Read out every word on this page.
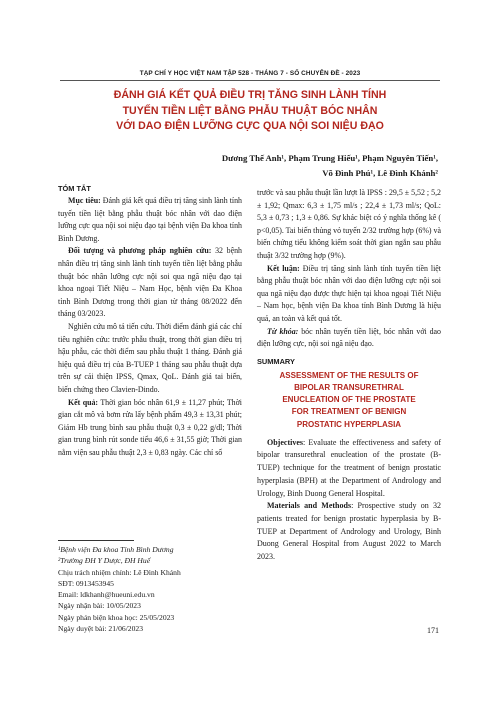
TẠP CHÍ Y HỌC VIỆT NAM TẬP 528 - THÁNG 7 - SỐ CHUYÊN ĐỀ - 2023
ĐÁNH GIÁ KẾT QUẢ ĐIỀU TRỊ TĂNG SINH LÀNH TÍNH
TUYẾN TIỀN LIỆT BẰNG PHẪU THUẬT BÓC NHÂN
VỚI DAO ĐIỆN LƯỠNG CỰC QUA NỘI SOI NIỆU ĐẠO
Dương Thế Anh¹, Phạm Trung Hiếu¹, Phạm Nguyên Tiến¹,
Võ Đình Phú¹, Lê Đình Khánh²
TÓM TẮT

Mục tiêu: Đánh giá kết quả điều trị tăng sinh lành tính tuyến tiền liệt bằng phẫu thuật bóc nhân với dao điện lưỡng cực qua nội soi niệu đạo tại bệnh viện Đa khoa tỉnh Bình Dương.

Đối tượng và phương pháp nghiên cứu: 32 bệnh nhân điều trị tăng sinh lành tính tuyến tiền liệt bằng phẫu thuật bóc nhân lưỡng cực nội soi qua ngã niệu đạo tại khoa ngoại Tiết Niệu – Nam Học, bệnh viện Đa Khoa tỉnh Bình Dương trong thời gian từ tháng 08/2022 đến tháng 03/2023.

Nghiên cứu mô tả tiến cứu. Thời điểm đánh giá các chỉ tiêu nghiên cứu: trước phẫu thuật, trong thời gian điều trị hậu phẫu, các thời điểm sau phẫu thuật 1 tháng. Đánh giá hiệu quả điều trị của B-TUEP 1 tháng sau phẫu thuật dựa trên sự cải thiện IPSS, Qmax, QoL. Đánh giá tai biến, biến chứng theo Clavien-Dindo.

Kết quả: Thời gian bóc nhân 61,9 ± 11,27 phút; Thời gian cắt mô và bơm rửa lấy bệnh phẩm 49,3 ± 13,31 phút; Giảm Hb trung bình sau phẫu thuật 0,3 ± 0,22 g/dl; Thời gian trung bình rút sonde tiểu 46,6 ± 31,55 giờ; Thời gian nằm viện sau phẫu thuật 2,3 ± 0,83 ngày. Các chỉ số

¹Bệnh viện Đa khoa Tỉnh Bình Dương

²Trường ĐH Y Dược, ĐH Huế

Chịu trách nhiệm chính: Lê Đình Khánh

SĐT: 0913453945

Email: ldkhanh@hueuni.edu.vn

Ngày nhận bài: 10/05/2023

Ngày phản biện khoa học: 25/05/2023

Ngày duyệt bài: 21/06/2023

trước và sau phẫu thuật lần lượt là IPSS : 29,5 ± 5,52 ; 5,2 ± 1,92; Qmax: 6,3 ± 1,75 ml/s ; 22,4 ± 1,73 ml/s; QoL: 5,3 ± 0,73 ; 1,3 ± 0,86. Sự khác biệt có ý nghĩa thống kê ( p<0,05). Tai biến thủng vỏ tuyến 2/32 trường hợp (6%) và biến chứng tiểu không kiểm soát thời gian ngắn sau phẫu thuật 3/32 trường hợp (9%).

Kết luận: Điều trị tăng sinh lành tính tuyến tiền liệt bằng phẫu thuật bóc nhân với dao điện lưỡng cực nội soi qua ngã niệu đạo được thực hiện tại khoa ngoại Tiết Niệu – Nam học, bệnh viện Đa khoa tỉnh Bình Dương là hiệu quả, an toàn và kết quả tốt.

Từ khóa: bóc nhân tuyến tiền liệt, bóc nhân với dao điện lưỡng cực, nội soi ngã niệu đạo.

SUMMARY
ASSESSMENT OF THE RESULTS OF
BIPOLAR TRANSURETHRAL
ENUCLEATION OF THE PROSTATE
FOR TREATMENT OF BENIGN
PROSTATIC HYPERPLASIA

Objectives: Evaluate the effectiveness and safety of bipolar transurethral enucleation of the prostate (B-TUEP) technique for the treatment of benign prostatic hyperplasia (BPH) at the Department of Andrology and Urology, Binh Duong General Hospital.

Materials and Methods: Prospective study on 32 patients treated for benign prostatic hyperplasia by B-TUEP at Department of Andrology and Urology, Binh Duong General Hospital from August 2022 to March 2023.

171
